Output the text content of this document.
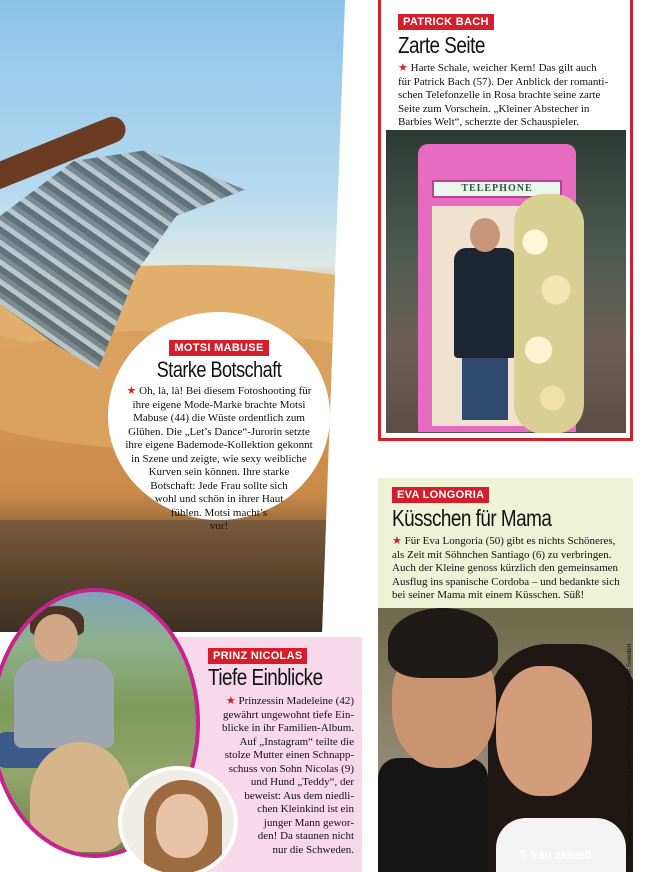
MOTSI MABUSE
Starke Botschaft
★ Oh, là, là! Bei diesem Fotoshooting für
ihre eigene Mode-Marke brachte Motsi
Mabuse (44) die Wüste ordentlich zum
Glühen. Die „Let’s Dance“-Jurorin setzte
ihre eigene Bademode-Kollektion gekonnt
in Szene und zeigte, wie sexy weibliche
Kurven sein können. Ihre starke
Botschaft: Jede Frau sollte sich
wohl und schön in ihrer Haut
fühlen. Motsi macht’s
vor!
PATRICK BACH
Zarte Seite
★ Harte Schale, weicher Kern! Das gilt auch
für Patrick Bach (57). Der Anblick der romanti-
schen Telefonzelle in Rosa brachte seine zarte
Seite zum Vorschein. „Kleiner Abstecher in
Barbies Welt“, scherzte der Schauspieler.
TELEPHONE
EVA LONGORIA
Küsschen für Mama
★ Für Eva Longoria (50) gibt es nichts Schöneres,
als Zeit mit Söhnchen Santiago (6) zu verbringen.
Auch der Kleine genoss kürzlich den gemeinsamen
Ausflug ins spanische Cordoba – und bedankte sich
bei seiner Mama mit einem Küsschen. Süß!
PRINZ NICOLAS
Tiefe Einblicke
★ Prinzessin Madeleine (42)
gewährt ungewohnt tiefe Ein-
blicke in ihr Familien-Album.
Auf „Instagram“ teilte die
stolze Mutter einen Schnapp-
schuss von Sohn Nicolas (9)
und Hund „Teddy“, der
beweist: Aus dem niedli-
chen Kleinkind ist ein
junger Mann gewor-
den! Da staunen nicht
nur die Schweden.	Fotos: Kungahuset, Instagram, Linda Broström/The Royal Court of Sweden
5 frau aktuell
